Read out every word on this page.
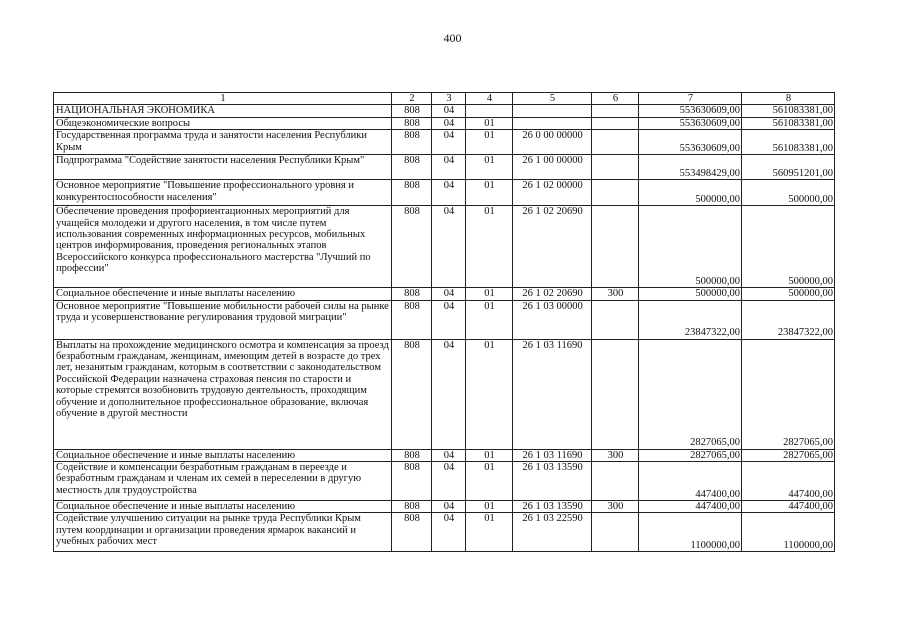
400
1	2	3	4	5	6	7	8
НАЦИОНАЛЬНАЯ ЭКОНОМИКА	808	04				553630609,00	561083381,00
Общеэкономические вопросы	808	04	01			553630609,00	561083381,00
Государственная программа труда и занятости населения Республики Крым	808	04	01	26 0 00 00000		553630609,00	561083381,00
Подпрограмма "Содействие занятости населения Республики Крым"	808	04	01	26 1 00 00000		553498429,00	560951201,00
Основное мероприятие "Повышение профессионального уровня и конкурентоспособности населения"	808	04	01	26 1 02 00000		500000,00	500000,00
Обеспечение проведения профориентационных мероприятий для учащейся молодежи и другого населения, в том числе путем использования современных информационных ресурсов, мобильных центров информирования, проведения региональных этапов Всероссийского конкурса профессионального мастерства "Лучший по профессии"	808	04	01	26 1 02 20690		500000,00	500000,00
Социальное обеспечение и иные выплаты населению	808	04	01	26 1 02 20690	300	500000,00	500000,00
Основное мероприятие "Повышение мобильности рабочей силы на рынке труда и усовершенствование регулирования трудовой миграции"	808	04	01	26 1 03 00000		23847322,00	23847322,00
Выплаты на прохождение медицинского осмотра и компенсация за проезд безработным гражданам, женщинам, имеющим детей в возрасте до трех лет, незанятым гражданам, которым в соответствии с законодательством Российской Федерации назначена страховая пенсия по старости и которые стремятся возобновить трудовую деятельность, проходящим обучение и дополнительное профессиональное образование, включая обучение в другой местности	808	04	01	26 1 03 11690		2827065,00	2827065,00
Социальное обеспечение и иные выплаты населению	808	04	01	26 1 03 11690	300	2827065,00	2827065,00
Содействие и компенсации безработным гражданам в переезде и безработным гражданам и членам их семей в переселении в другую местность для трудоустройства	808	04	01	26 1 03 13590		447400,00	447400,00
Социальное обеспечение и иные выплаты населению	808	04	01	26 1 03 13590	300	447400,00	447400,00
Содействие улучшению ситуации на рынке труда Республики Крым путем координации и организации проведения ярмарок вакансий и учебных рабочих мест	808	04	01	26 1 03 22590		1100000,00	1100000,00
